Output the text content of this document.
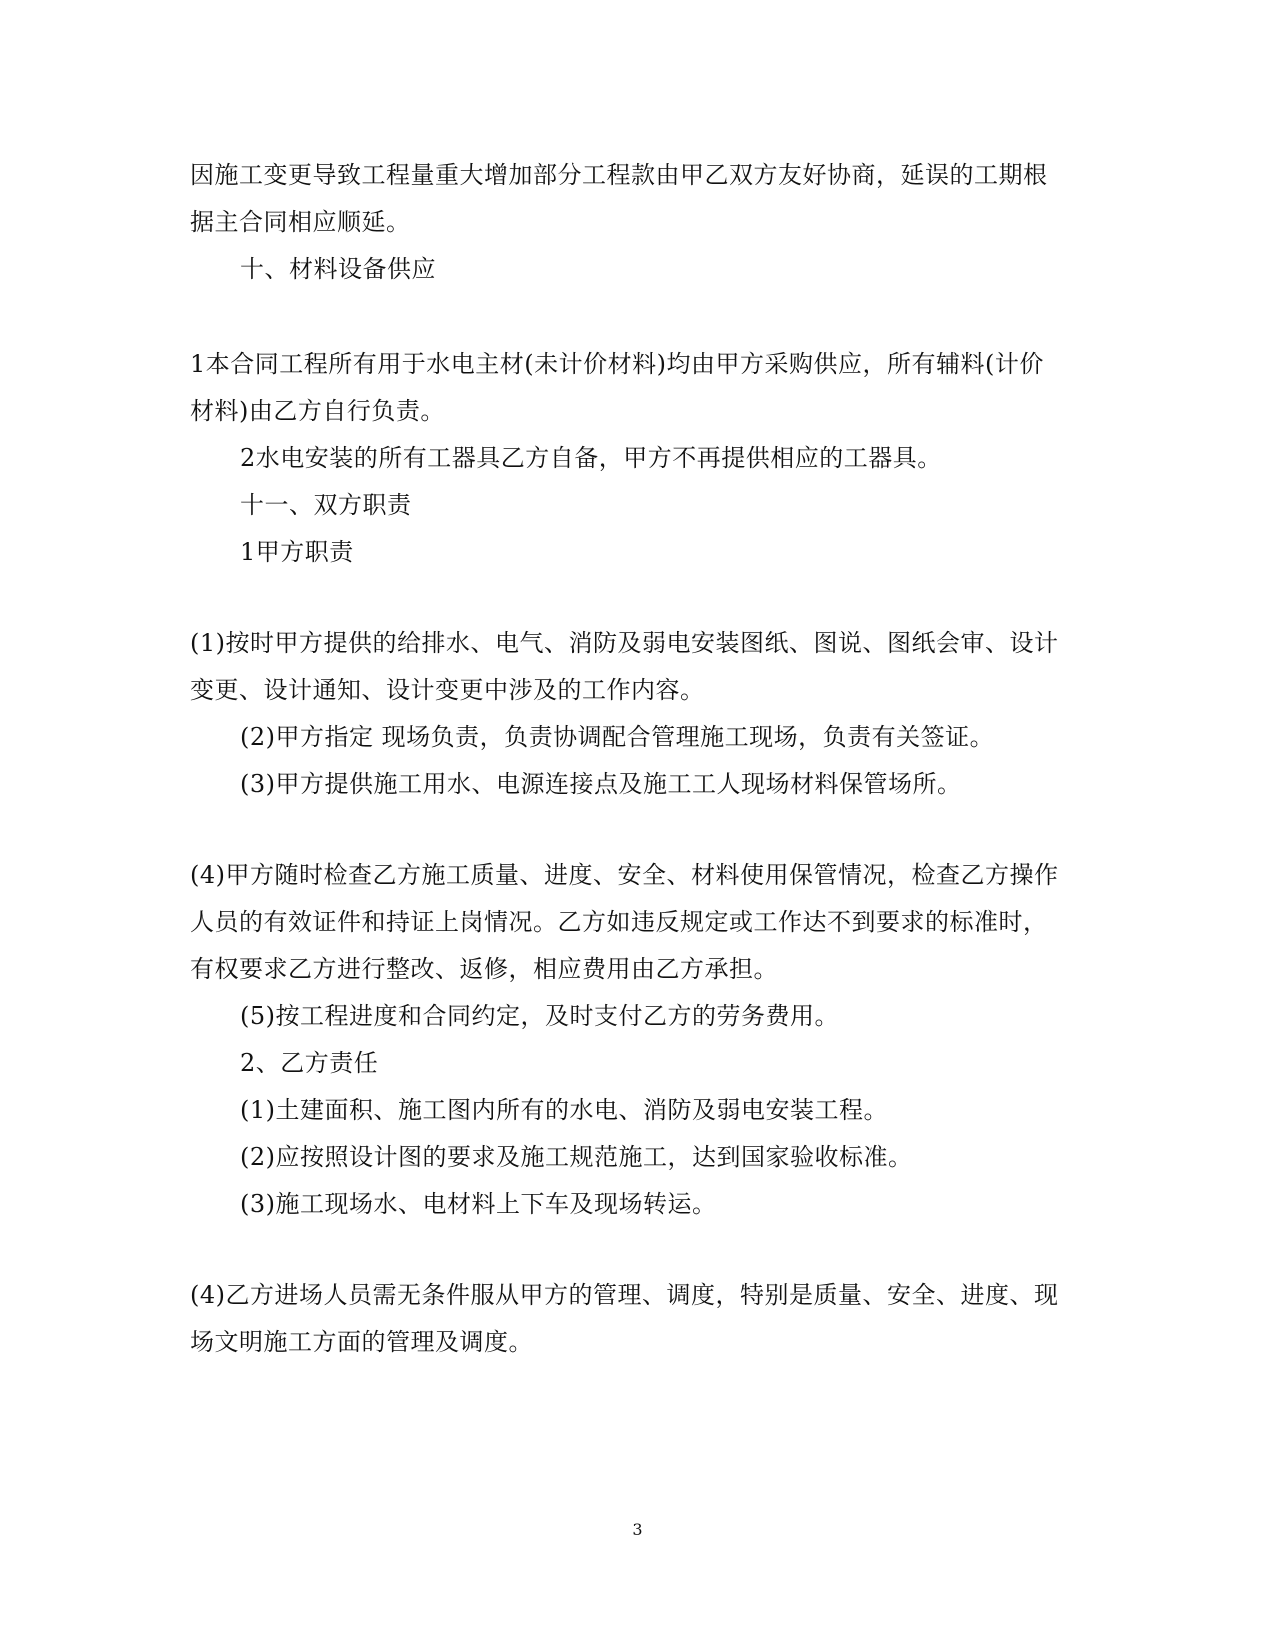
因施工变更导致工程量重大增加部分工程款由甲乙双方友好协商，延误的工期根
据主合同相应顺延。
十、材料设备供应
1本合同工程所有用于水电主材(未计价材料)均由甲方采购供应，所有辅料(计价
材料)由乙方自行负责。
2水电安装的所有工器具乙方自备，甲方不再提供相应的工器具。
十一、双方职责
1甲方职责
(1)按时甲方提供的给排水、电气、消防及弱电安装图纸、图说、图纸会审、设计
变更、设计通知、设计变更中涉及的工作内容。
(2)甲方指定 现场负责，负责协调配合管理施工现场，负责有关签证。
(3)甲方提供施工用水、电源连接点及施工工人现场材料保管场所。
(4)甲方随时检查乙方施工质量、进度、安全、材料使用保管情况，检查乙方操作
人员的有效证件和持证上岗情况。乙方如违反规定或工作达不到要求的标准时，
有权要求乙方进行整改、返修，相应费用由乙方承担。
(5)按工程进度和合同约定，及时支付乙方的劳务费用。
2、乙方责任
(1)土建面积、施工图内所有的水电、消防及弱电安装工程。
(2)应按照设计图的要求及施工规范施工，达到国家验收标准。
(3)施工现场水、电材料上下车及现场转运。
(4)乙方进场人员需无条件服从甲方的管理、调度，特别是质量、安全、进度、现
场文明施工方面的管理及调度。
3
